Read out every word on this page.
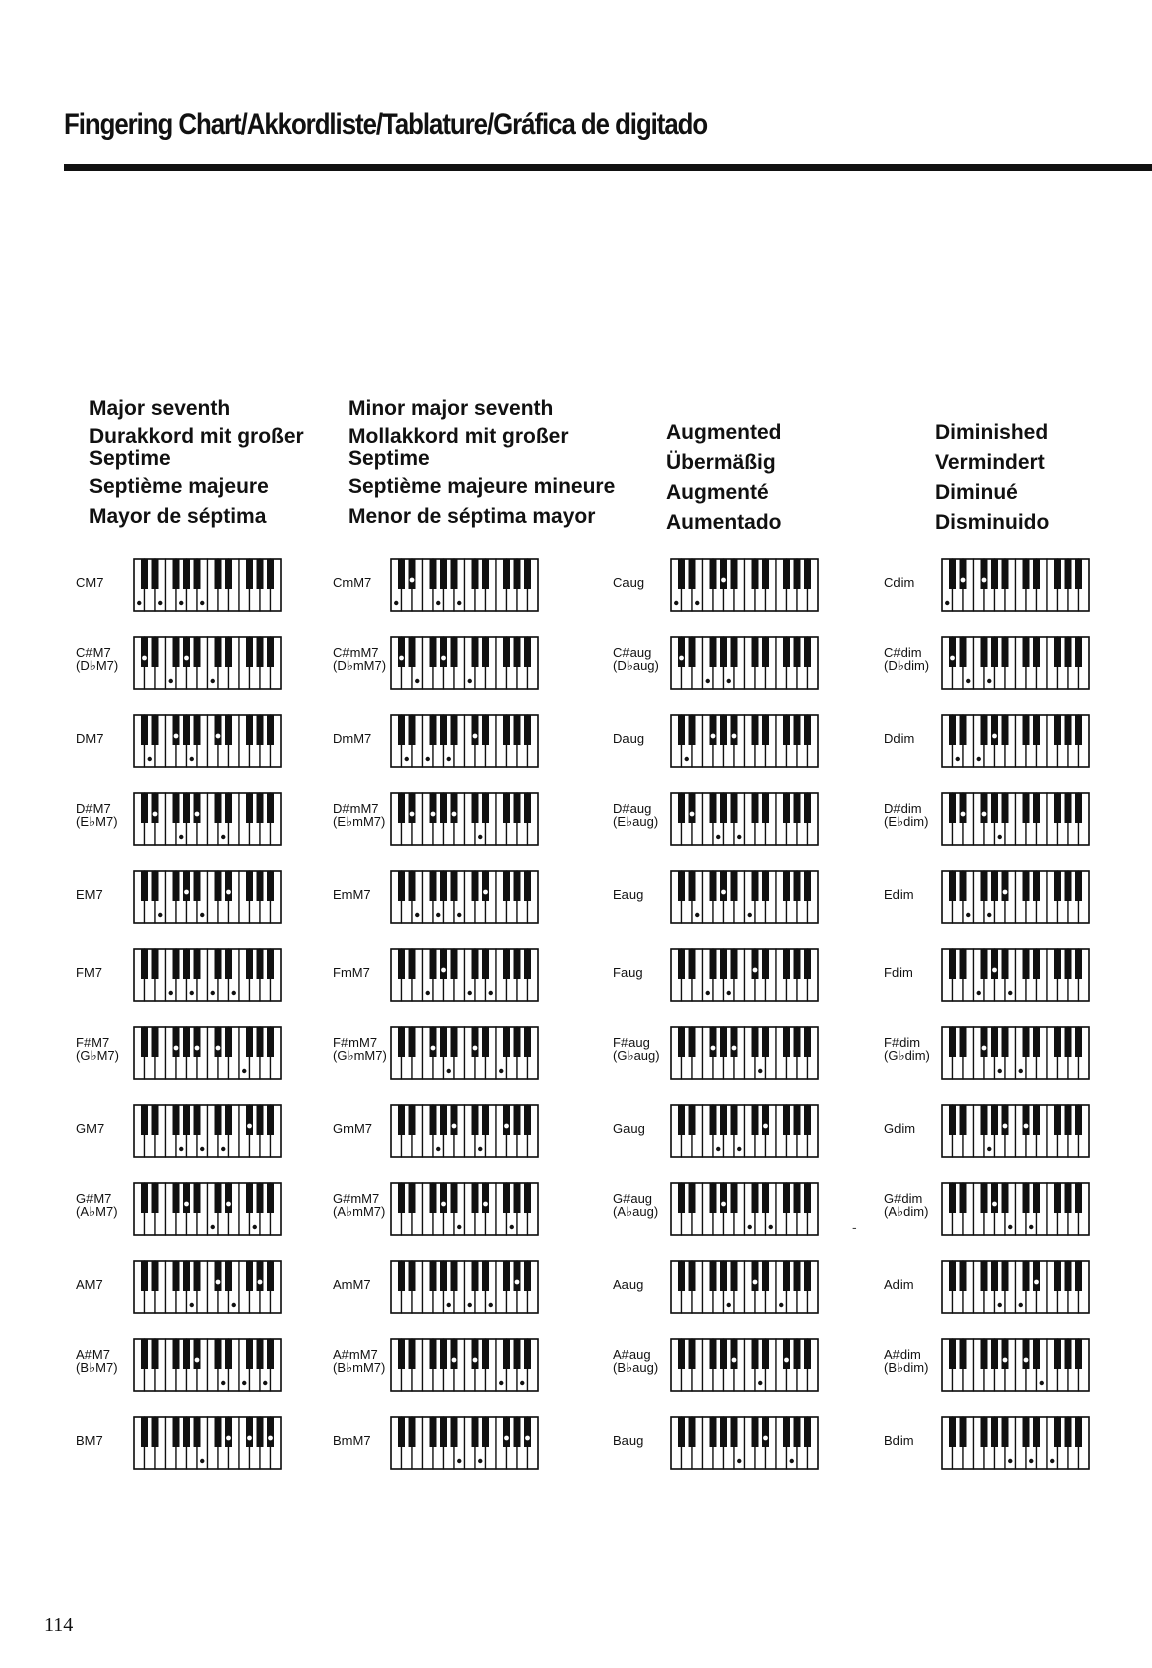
Fingering Chart/Akkordliste/Tablature/Gráfica de digitado
Major seventh
Durakkord mit großer Septime
Septième majeure
Mayor de séptima
Minor major seventh
Mollakkord mit großer Septime
Septième majeure mineure
Menor de séptima mayor
Augmented
Übermäßig
Augmenté
Aumentado
Diminished
Vermindert
Diminué
Disminuido
CM7
C#M7
(D♭M7)
DM7
D#M7
(E♭M7)
EM7
FM7
F#M7
(G♭M7)
GM7
G#M7
(A♭M7)
AM7
A#M7
(B♭M7)
BM7
CmM7
C#mM7
(D♭mM7)
DmM7
D#mM7
(E♭mM7)
EmM7
FmM7
F#mM7
(G♭mM7)
GmM7
G#mM7
(A♭mM7)
AmM7
A#mM7
(B♭mM7)
BmM7
Caug
C#aug
(D♭aug)
Daug
D#aug
(E♭aug)
Eaug
Faug
F#aug
(G♭aug)
Gaug
G#aug
(A♭aug)
Aaug
A#aug
(B♭aug)
Baug
Cdim
C#dim
(D♭dim)
Ddim
D#dim
(E♭dim)
Edim
Fdim
F#dim
(G♭dim)
Gdim
G#dim
(A♭dim)
Adim
A#dim
(B♭dim)
Bdim
-
114
